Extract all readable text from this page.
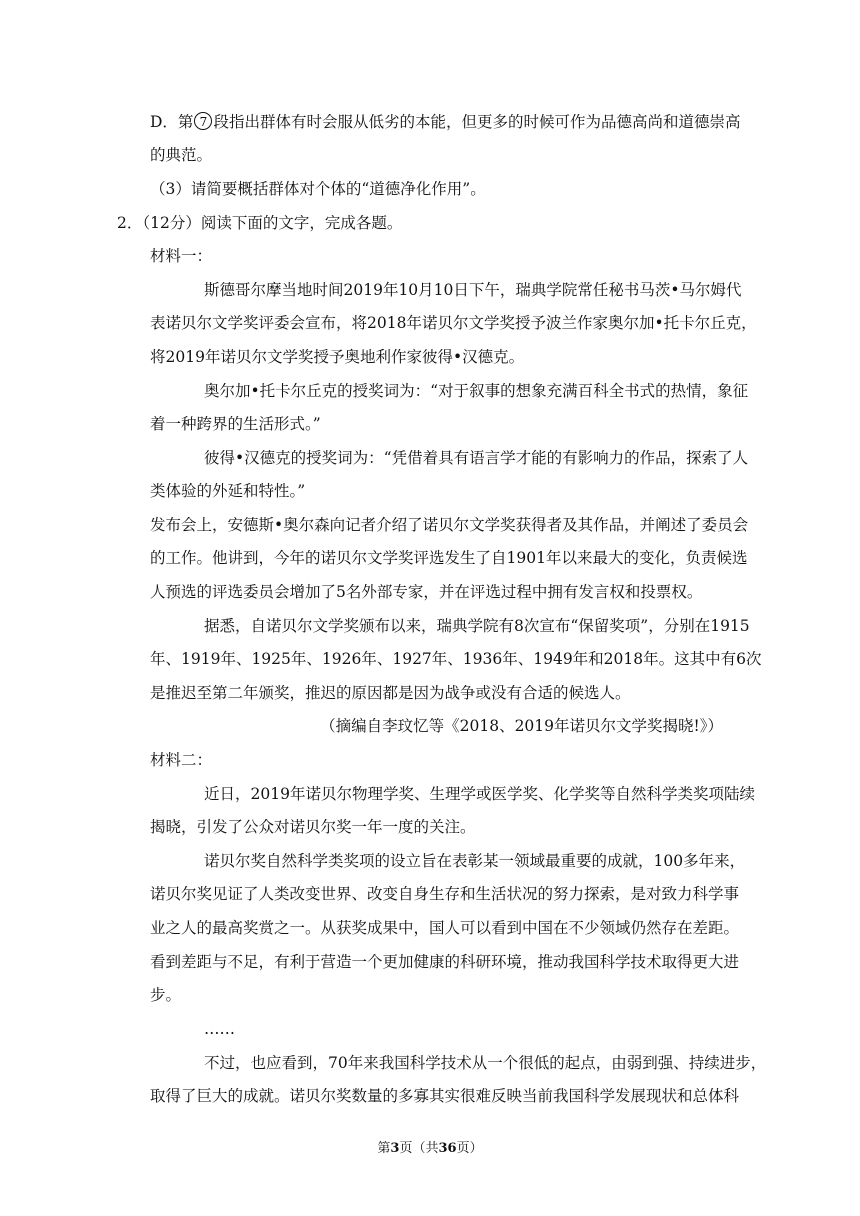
D．第 7 段指出群体有时会服从低劣的本能，但更多的时候可作为品德高尚和道德崇高
的典范。
（3）请简要概括群体对个体的“道德净化作用”。
2．（12分）阅读下面的文字，完成各题。
材料一：
斯德哥尔摩当地时间2019年10月10日下午，瑞典学院常任秘书马茨•马尔姆代
表诺贝尔文学奖评委会宣布，将2018年诺贝尔文学奖授予波兰作家奥尔加•托卡尔丘克，
将2019年诺贝尔文学奖授予奥地利作家彼得•汉德克。
奥尔加•托卡尔丘克的授奖词为：“对于叙事的想象充满百科全书式的热情，象征
着一种跨界的生活形式。”
彼得•汉德克的授奖词为：“凭借着具有语言学才能的有影响力的作品，探索了人
类体验的外延和特性。”
发布会上，安德斯•奥尔森向记者介绍了诺贝尔文学奖获得者及其作品，并阐述了委员会
的工作。他讲到，今年的诺贝尔文学奖评选发生了自1901年以来最大的变化，负责候选
人预选的评选委员会增加了5名外部专家，并在评选过程中拥有发言权和投票权。
据悉，自诺贝尔文学奖颁布以来，瑞典学院有8次宣布“保留奖项”，分别在1915
年、1919年、1925年、1926年、1927年、1936年、1949年和2018年。这其中有6次
是推迟至第二年颁奖，推迟的原因都是因为战争或没有合适的候选人。
（摘编自李玟忆等《2018、2019年诺贝尔文学奖揭晓!》）
材料二：
近日，2019年诺贝尔物理学奖、生理学或医学奖、化学奖等自然科学类奖项陆续
揭晓，引发了公众对诺贝尔奖一年一度的关注。
诺贝尔奖自然科学类奖项的设立旨在表彰某一领域最重要的成就，100多年来，
诺贝尔奖见证了人类改变世界、改变自身生存和生活状况的努力探索，是对致力科学事
业之人的最高奖赏之一。从获奖成果中，国人可以看到中国在不少领域仍然存在差距。
看到差距与不足，有利于营造一个更加健康的科研环境，推动我国科学技术取得更大进
步。
……
不过，也应看到，70年来我国科学技术从一个很低的起点，由弱到强、持续进步，
取得了巨大的成就。诺贝尔奖数量的多寡其实很难反映当前我国科学发展现状和总体科
第3页（共36页）
